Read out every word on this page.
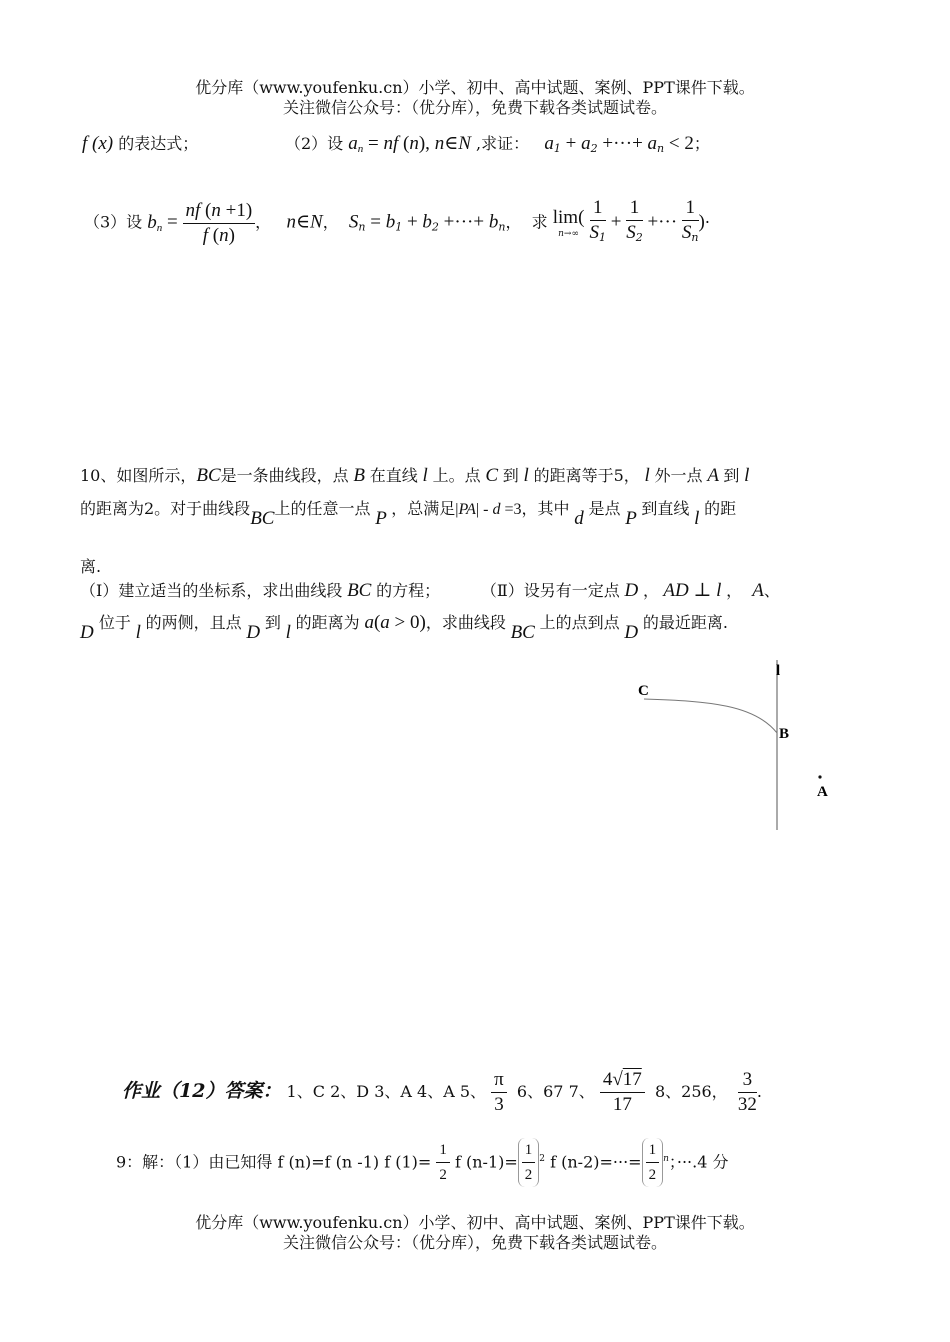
优分库（www.youfenku.cn）小学、初中、高中试题、案例、PPT课件下载。
关注微信公众号：（优分库），免费下载各类试题试卷。
f (x) 的表达式；	（2）设 $a_n$ = nf (n), n∈N ,求证： $a_1 + a_2$ +···+ $a_n < 2$；
（3）设 $b_n = \frac{nf (n +1)}{f (n)}$ ， n∈N， $S_n = b_1 + b_2$ +···+ $b_n$， 求 lim(
n→∞
$\frac{1}{S_1} + \frac{1}{S_2}$ +··· $\frac{1}{S_n}$ )·
10、如图所示，BC是一条曲线段，点 B 在直线 l 上。点 C 到 l 的距离等于5， l 外一点 A 到 l
的距离为2。对于曲线段BC上的任意一点 P ，总满足|PA| - d =3，其中 d 是点 P 到直线 l 的距
离.
（Ⅰ）建立适当的坐标系，求出曲线段 BC 的方程；	（Ⅱ）设另有一定点 D ， AD ⊥ l ， A、
D 位于 l 的两侧，且点 D 到 l 的距离为 a(a > 0)，求曲线段 BC 上的点到点 D 的最近距离.
l
C
B
A
作业（12）答案： 1、C 2、D 3、A 4、A 5、 $\frac{\pi}{3} 6$、67 7、 $\frac{4√17}{17} 8$、256， $\frac{3}{32}$ .
9：解：（1）由已知得 f (n)=f (n -1) f $(1)= \frac{1}{2}$ f $(n-1)= \frac{1}{2} ^2$ f $(n-2)=\cdot\cdot\cdot= \frac{1}{2} ^n$；···.4 分
优分库（www.youfenku.cn）小学、初中、高中试题、案例、PPT课件下载。
关注微信公众号：（优分库），免费下载各类试题试卷。
